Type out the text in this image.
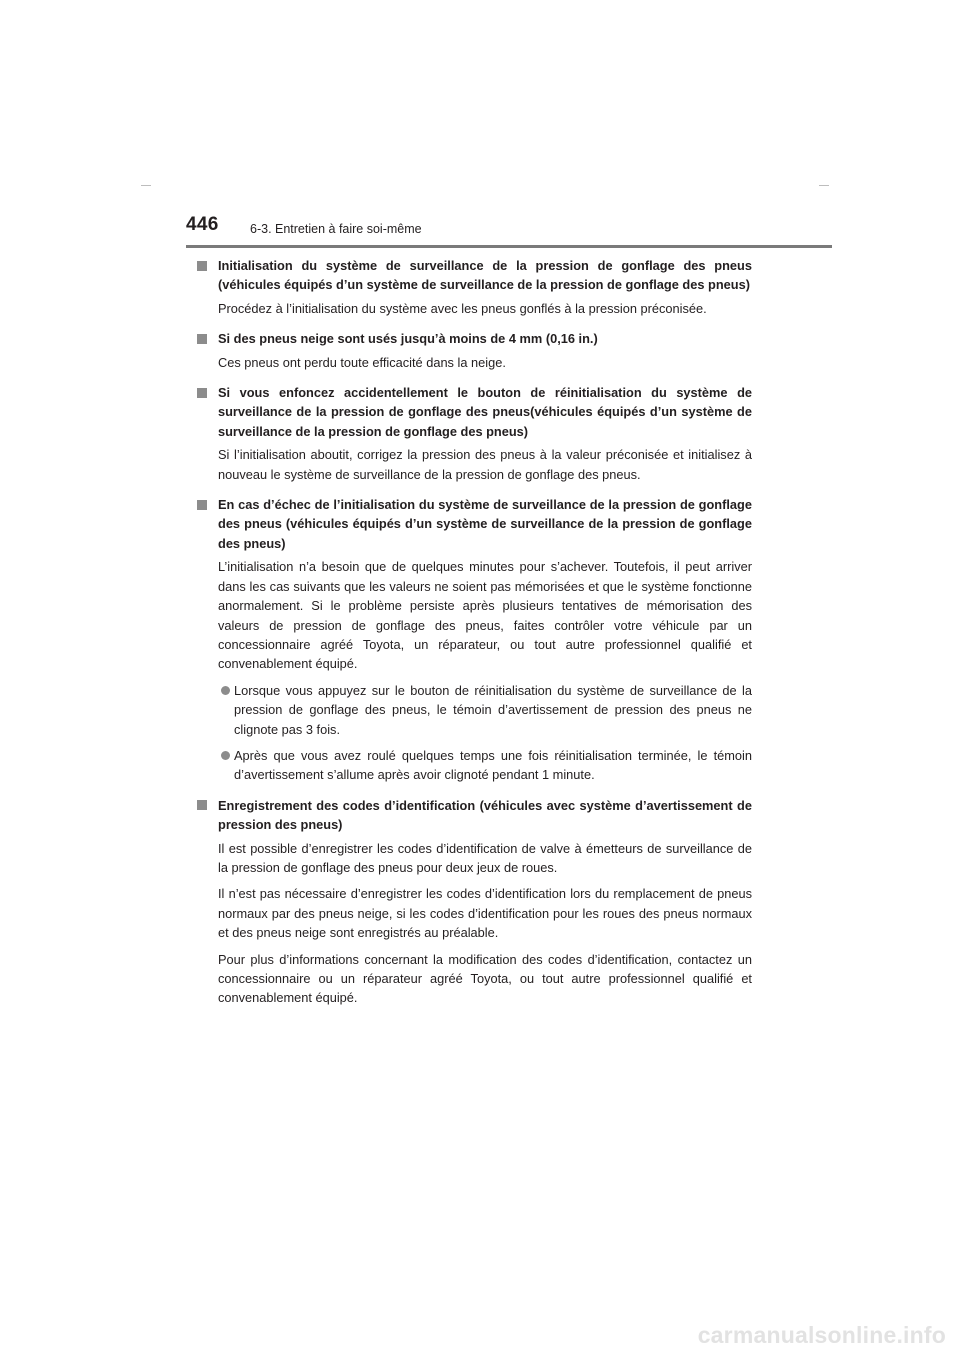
446	6-3. Entretien à faire soi-même
Initialisation du système de surveillance de la pression de gonflage des pneus (véhicules équipés d’un système de surveillance de la pression de gonflage des pneus)
Procédez à l’initialisation du système avec les pneus gonflés à la pression préconisée.
Si des pneus neige sont usés jusqu’à moins de 4 mm (0,16 in.)
Ces pneus ont perdu toute efficacité dans la neige.
Si vous enfoncez accidentellement le bouton de réinitialisation du système de surveillance de la pression de gonflage des pneus(véhicules équipés d’un système de surveillance de la pression de gonflage des pneus)
Si l’initialisation aboutit, corrigez la pression des pneus à la valeur préconisée et initialisez à nouveau le système de surveillance de la pression de gonflage des pneus.
En cas d’échec de l’initialisation du système de surveillance de la pression de gonflage des pneus (véhicules équipés d’un système de surveillance de la pression de gonflage des pneus)
L’initialisation n’a besoin que de quelques minutes pour s’achever. Toutefois, il peut arriver dans les cas suivants que les valeurs ne soient pas mémorisées et que le système fonctionne anormalement. Si le problème persiste après plusieurs tentatives de mémorisation des valeurs de pression de gonflage des pneus, faites contrôler votre véhicule par un concessionnaire agréé Toyota, un réparateur, ou tout autre professionnel qualifié et convenablement équipé.
Lorsque vous appuyez sur le bouton de réinitialisation du système de surveillance de la pression de gonflage des pneus, le témoin d’avertissement de pression des pneus ne clignote pas 3 fois.
Après que vous avez roulé quelques temps une fois réinitialisation terminée, le témoin d’avertissement s’allume après avoir clignoté pendant 1 minute.
Enregistrement des codes d’identification (véhicules avec système d’avertissement de pression des pneus)
Il est possible d’enregistrer les codes d’identification de valve à émetteurs de surveillance de la pression de gonflage des pneus pour deux jeux de roues.
Il n’est pas nécessaire d’enregistrer les codes d’identification lors du remplacement de pneus normaux par des pneus neige, si les codes d’identification pour les roues des pneus normaux et des pneus neige sont enregistrés au préalable.
Pour plus d’informations concernant la modification des codes d’identification, contactez un concessionnaire ou un réparateur agréé Toyota, ou tout autre professionnel qualifié et convenablement équipé.
carmanualsonline.info
